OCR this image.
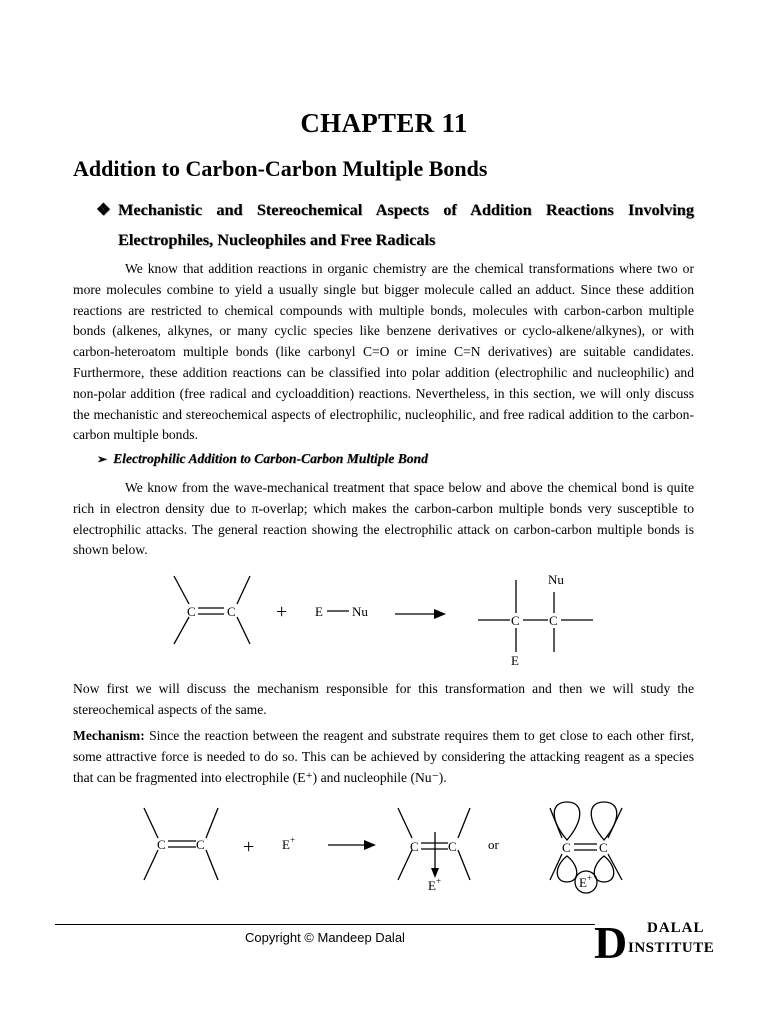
CHAPTER 11
Addition to Carbon-Carbon Multiple Bonds
❖ Mechanistic and Stereochemical Aspects of Addition Reactions Involving Electrophiles, Nucleophiles and Free Radicals

We know that addition reactions in organic chemistry are the chemical transformations where two or more molecules combine to yield a usually single but bigger molecule called an adduct. Since these addition reactions are restricted to chemical compounds with multiple bonds, molecules with carbon-carbon multiple bonds (alkenes, alkynes, or many cyclic species like benzene derivatives or cyclo-alkene/alkynes), or with carbon-heteroatom multiple bonds (like carbonyl C=O or imine C=N derivatives) are suitable candidates. Furthermore, these addition reactions can be classified into polar addition (electrophilic and nucleophilic) and non-polar addition (free radical and cycloaddition) reactions. Nevertheless, in this section, we will only discuss the mechanistic and stereochemical aspects of electrophilic, nucleophilic, and free radical addition to the carbon-carbon multiple bonds.

➢ Electrophilic Addition to Carbon-Carbon Multiple Bond

We know from the wave-mechanical treatment that space below and above the chemical bond is quite rich in electron density due to π-overlap; which makes the carbon-carbon multiple bonds very susceptible to electrophilic attacks. The general reaction showing the electrophilic attack on carbon-carbon multiple bonds is shown below.

C C + E Nu
C C
Nu
E

Now first we will discuss the mechanism responsible for this transformation and then we will study the stereochemical aspects of the same.

Mechanism: Since the reaction between the reagent and substrate requires them to get close to each other first, some attractive force is needed to do so. This can be achieved by considering the attacking reagent as a species that can be fragmented into electrophile (E⁺) and nucleophile (Nu⁻).

C C + E+	C C
E+
or	C C
E+
Copyright © Mandeep Dalal	D DALAL
INSTITUTE
